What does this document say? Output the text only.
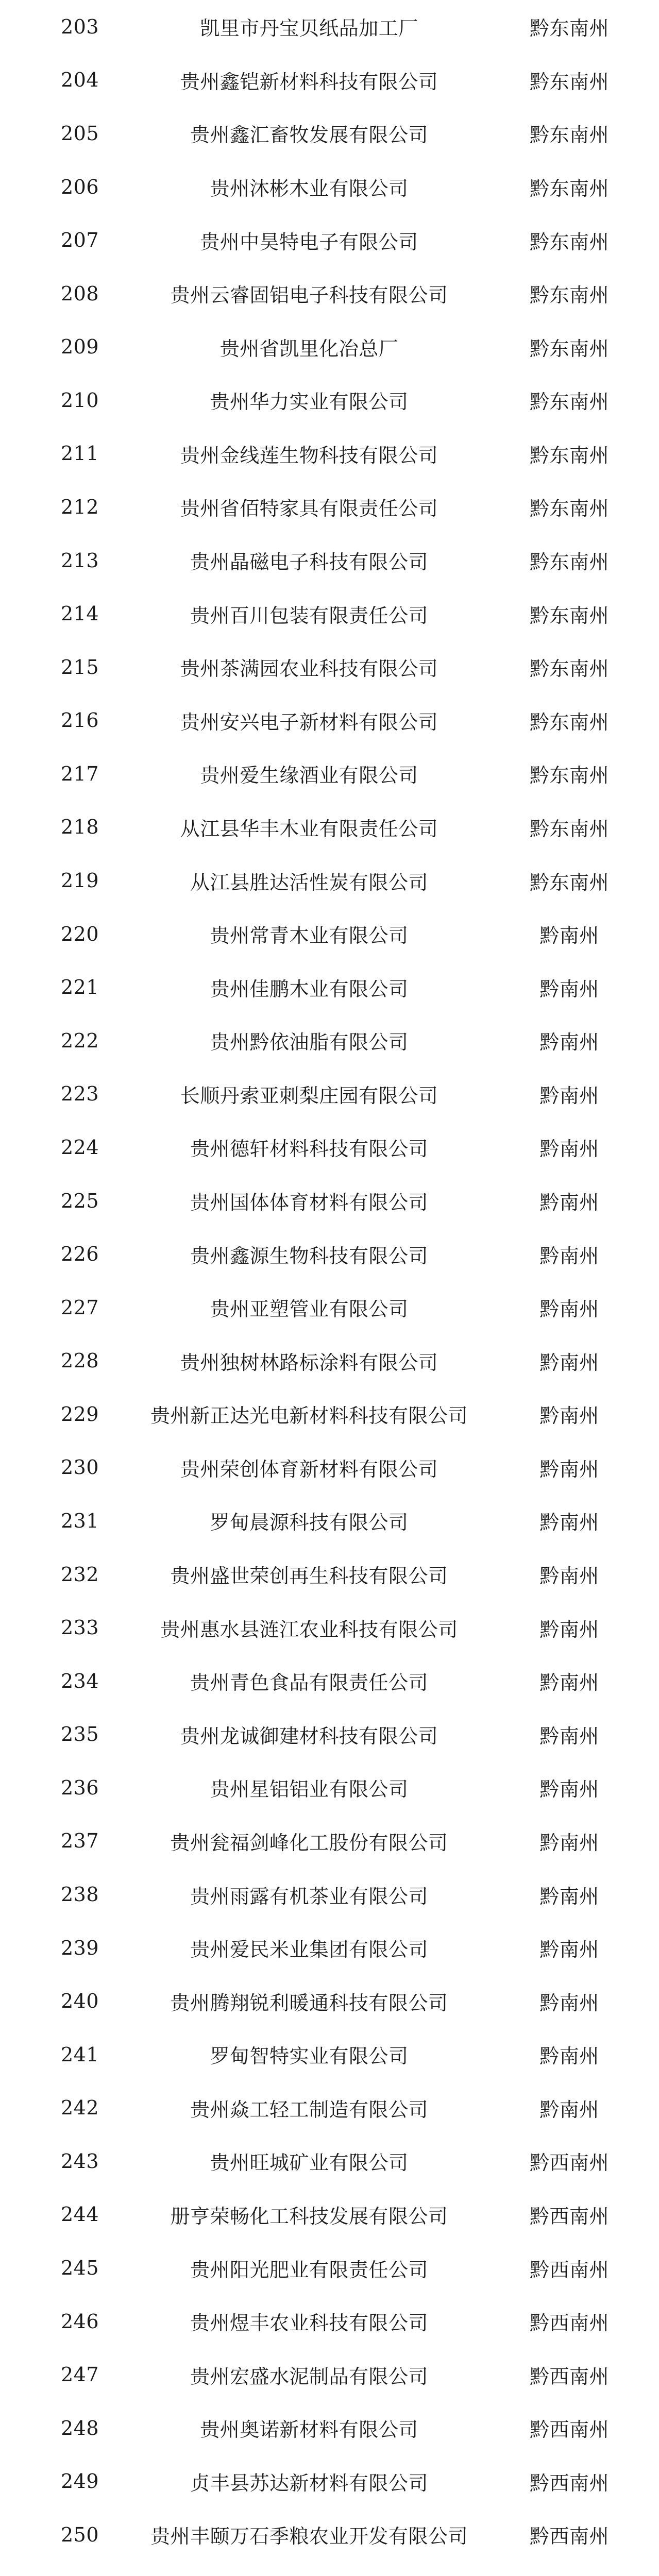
203	凯里市丹宝贝纸品加工厂	黔东南州
204	贵州鑫铠新材料科技有限公司	黔东南州
205	贵州鑫汇畜牧发展有限公司	黔东南州
206	贵州沐彬木业有限公司	黔东南州
207	贵州中昊特电子有限公司	黔东南州
208	贵州云睿固铝电子科技有限公司	黔东南州
209	贵州省凯里化冶总厂	黔东南州
210	贵州华力实业有限公司	黔东南州
211	贵州金线莲生物科技有限公司	黔东南州
212	贵州省佰特家具有限责任公司	黔东南州
213	贵州晶磁电子科技有限公司	黔东南州
214	贵州百川包装有限责任公司	黔东南州
215	贵州茶满园农业科技有限公司	黔东南州
216	贵州安兴电子新材料有限公司	黔东南州
217	贵州爱生缘酒业有限公司	黔东南州
218	从江县华丰木业有限责任公司	黔东南州
219	从江县胜达活性炭有限公司	黔东南州
220	贵州常青木业有限公司	黔南州
221	贵州佳鹏木业有限公司	黔南州
222	贵州黔依油脂有限公司	黔南州
223	长顺丹索亚刺梨庄园有限公司	黔南州
224	贵州德轩材料科技有限公司	黔南州
225	贵州国体体育材料有限公司	黔南州
226	贵州鑫源生物科技有限公司	黔南州
227	贵州亚塑管业有限公司	黔南州
228	贵州独树林路标涂料有限公司	黔南州
229	贵州新正达光电新材料科技有限公司	黔南州
230	贵州荣创体育新材料有限公司	黔南州
231	罗甸晨源科技有限公司	黔南州
232	贵州盛世荣创再生科技有限公司	黔南州
233	贵州惠水县涟江农业科技有限公司	黔南州
234	贵州青色食品有限责任公司	黔南州
235	贵州龙诚御建材科技有限公司	黔南州
236	贵州星铝铝业有限公司	黔南州
237	贵州瓮福剑峰化工股份有限公司	黔南州
238	贵州雨露有机茶业有限公司	黔南州
239	贵州爱民米业集团有限公司	黔南州
240	贵州腾翔锐利暖通科技有限公司	黔南州
241	罗甸智特实业有限公司	黔南州
242	贵州焱工轻工制造有限公司	黔南州
243	贵州旺城矿业有限公司	黔西南州
244	册亨荣畅化工科技发展有限公司	黔西南州
245	贵州阳光肥业有限责任公司	黔西南州
246	贵州煜丰农业科技有限公司	黔西南州
247	贵州宏盛水泥制品有限公司	黔西南州
248	贵州奥诺新材料有限公司	黔西南州
249	贞丰县苏达新材料有限公司	黔西南州
250	贵州丰颐万石季粮农业开发有限公司	黔西南州
